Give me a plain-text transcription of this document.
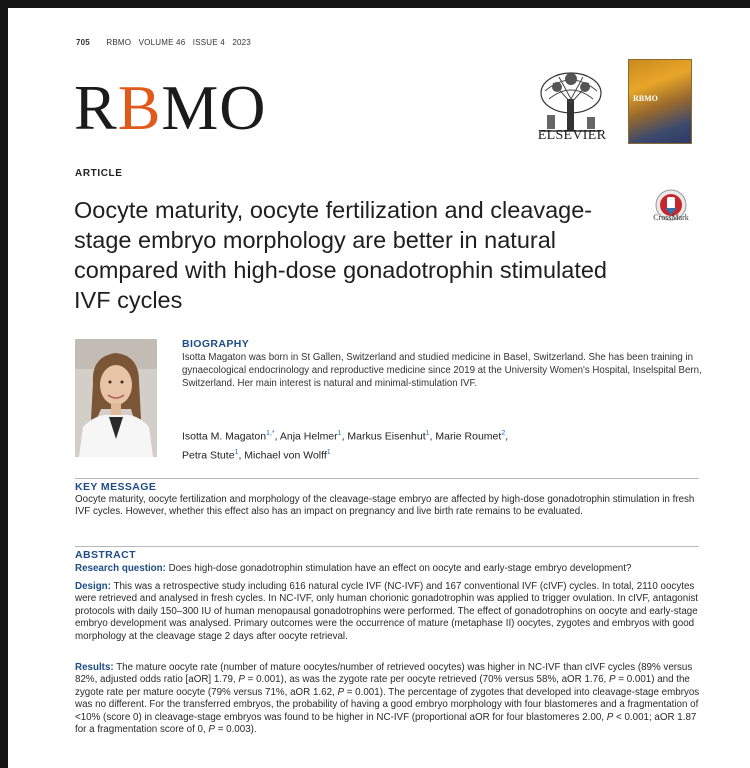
705 RBMO VOLUME 46 ISSUE 4 2023
RBMO	ELSEVIER
RBMO
ARTICLE
CrossMark
Oocyte maturity, oocyte fertilization and cleavage-stage embryo morphology are better in natural compared with high-dose gonadotrophin stimulated IVF cycles
BIOGRAPHY

Isotta Magaton was born in St Gallen, Switzerland and studied medicine in Basel, Switzerland. She has been training in gynaecological endocrinology and reproductive medicine since 2019 at the University Women's Hospital, Inselspital Bern, Switzerland. Her main interest is natural and minimal-stimulation IVF.

Isotta M. Magaton$^{1,*}$, Anja Helmer$^1$, Markus Eisenhut$^1$, Marie Roumet$^2$,
Petra Stute$^1$, Michael von Wolff$^1$

KEY MESSAGE

Oocyte maturity, oocyte fertilization and morphology of the cleavage-stage embryo are affected by high-dose gonadotrophin stimulation in fresh IVF cycles. However, whether this effect also has an impact on pregnancy and live birth rate remains to be evaluated.

ABSTRACT

Research question: Does high-dose gonadotrophin stimulation have an effect on oocyte and early-stage embryo development?

Design: This was a retrospective study including 616 natural cycle IVF (NC-IVF) and 167 conventional IVF (cIVF) cycles. In total, 2110 oocytes were retrieved and analysed in fresh cycles. In NC-IVF, only human chorionic gonadotrophin was applied to trigger ovulation. In cIVF, antagonist protocols with daily 150–300 IU of human menopausal gonadotrophins were performed. The effect of gonadotrophins on oocyte and early-stage embryo development was analysed. Primary outcomes were the occurrence of mature (metaphase II) oocytes, zygotes and embryos with good morphology at the cleavage stage 2 days after oocyte retrieval.

Results: The mature oocyte rate (number of mature oocytes/number of retrieved oocytes) was higher in NC-IVF than cIVF cycles (89% versus 82%, adjusted odds ratio [aOR] 1.79, P = 0.001), as was the zygote rate per oocyte retrieved (70% versus 58%, aOR 1.76, P = 0.001) and the zygote rate per mature oocyte (79% versus 71%, aOR 1.62, P = 0.001). The percentage of zygotes that developed into cleavage-stage embryos was no different. For the transferred embryos, the probability of having a good embryo morphology with four blastomeres and a fragmentation of <10% (score 0) in cleavage-stage embryos was found to be higher in NC-IVF (proportional aOR for four blastomeres 2.00, P < 0.001; aOR 1.87 for a fragmentation score of 0, P = 0.003).
